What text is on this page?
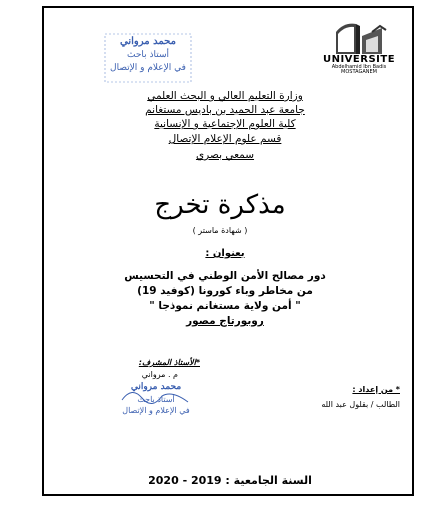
محمد مرواني
أستاذ باحث
في الإعلام و الإتصال
UNIVERSITE
Abdelhamid Ibn Badis
MOSTAGANEM
وزارة التعليم العالي و البحث العلمي
جامعة عبد الحميد بن باديس مستغانم
كلية العلوم الإجتماعية و الإنسانية
قسم علوم الإعلام الإتصال
سمعي بصري
مذكرة تخرج
( شهادة ماستر )
بعنوان :
دور مصالح الأمن الوطني في التحسيس
من مخاطر وباء كورونا (كوفيد 19)
" أمن ولاية مستغانم نموذجا "
روبورتاج مصور
*الأستاذ المشرف:
م . مرواني
محمد مرواني
أستاذ باحث
في الإعلام و الإتصال
* من إعداد :
الطالب / بقلول عبد الله
السنة الجامعية : 2019 - 2020
